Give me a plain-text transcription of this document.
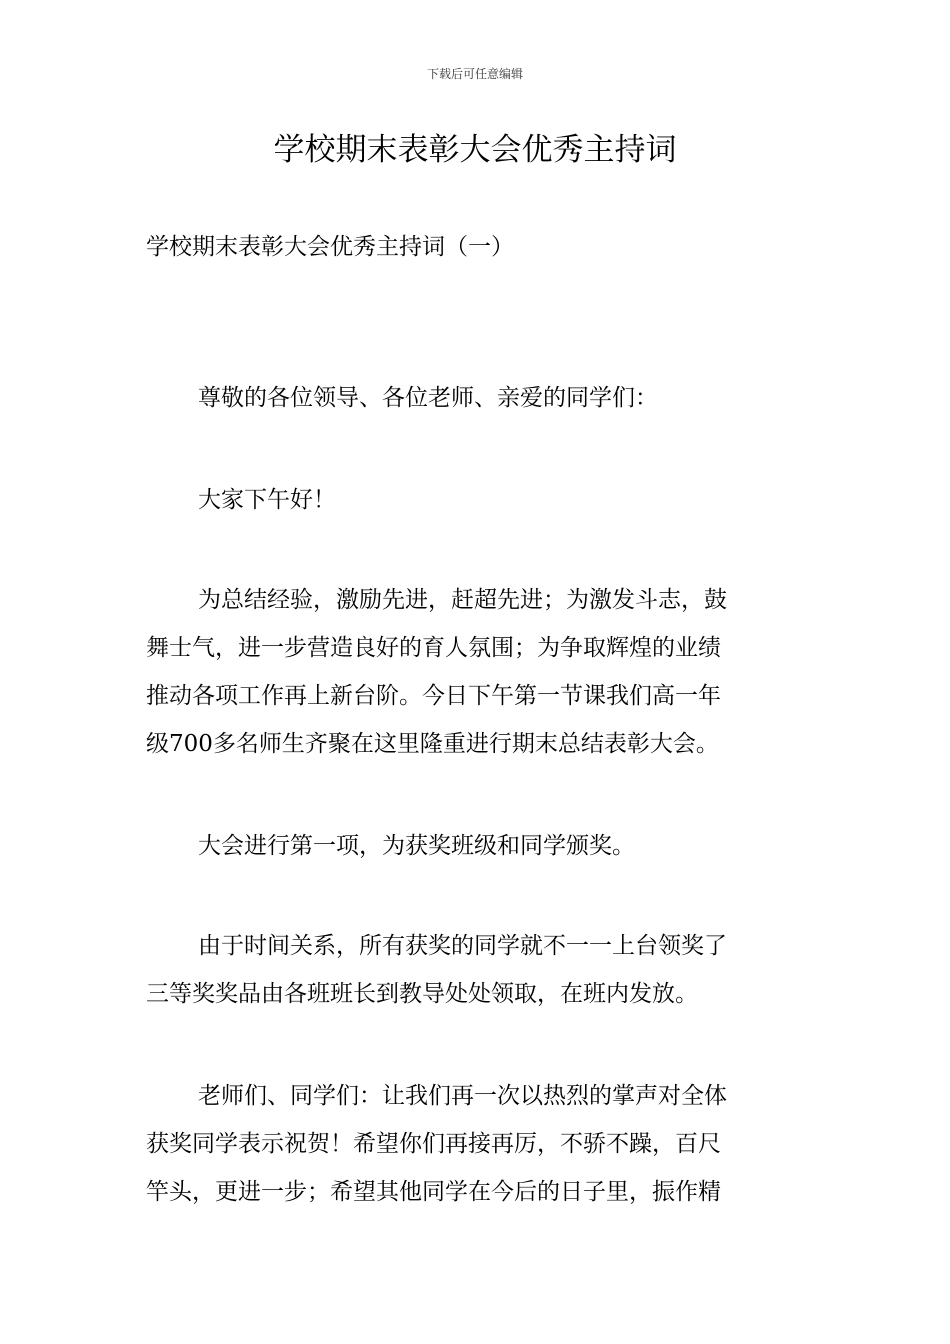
下载后可任意编辑
学校期末表彰大会优秀主持词

学校期末表彰大会优秀主持词（一）

尊敬的各位领导、各位老师、亲爱的同学们：

大家下午好！

为总结经验，激励先进，赶超先进；为激发斗志，鼓
舞士气，进一步营造良好的育人氛围；为争取辉煌的业绩
推动各项工作再上新台阶。今日下午第一节课我们高一年
级700多名师生齐聚在这里隆重进行期末总结表彰大会。

大会进行第一项，为获奖班级和同学颁奖。

由于时间关系，所有获奖的同学就不一一上台领奖了
三等奖奖品由各班班长到教导处处领取，在班内发放。

老师们、同学们：让我们再一次以热烈的掌声对全体
获奖同学表示祝贺！希望你们再接再厉，不骄不躁，百尺
竿头，更进一步；希望其他同学在今后的日子里，振作精
